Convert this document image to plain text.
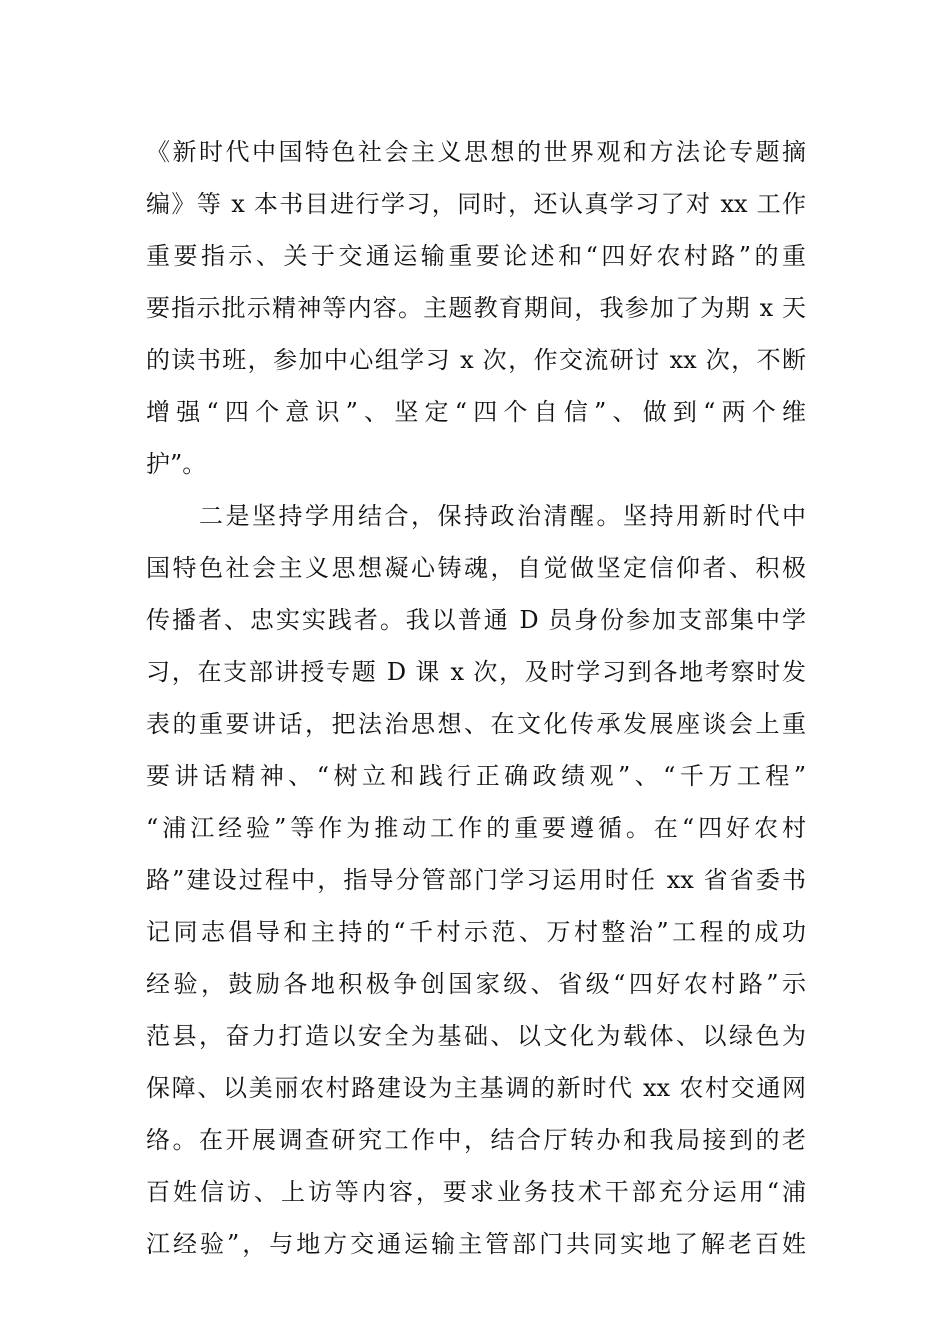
《新时代中国特色社会主义思想的世界观和方法论专题摘
编》等 x 本书目进行学习，同时，还认真学习了对 xx 工作
重要指示、关于交通运输重要论述和“四好农村路”的重
要指示批示精神等内容。主题教育期间，我参加了为期 x 天
的读书班，参加中心组学习 x 次，作交流研讨 xx 次，不断
增强“四个意识”、坚定“四个自信”、做到“两个维
护”。
　　二是坚持学用结合，保持政治清醒。坚持用新时代中
国特色社会主义思想凝心铸魂，自觉做坚定信仰者、积极
传播者、忠实实践者。我以普通 D 员身份参加支部集中学
习，在支部讲授专题 D 课 x 次，及时学习到各地考察时发
表的重要讲话，把法治思想、在文化传承发展座谈会上重
要讲话精神、“树立和践行正确政绩观”、“千万工程”
“浦江经验”等作为推动工作的重要遵循。在“四好农村
路”建设过程中，指导分管部门学习运用时任 xx 省省委书
记同志倡导和主持的“千村示范、万村整治”工程的成功
经验，鼓励各地积极争创国家级、省级“四好农村路”示
范县，奋力打造以安全为基础、以文化为载体、以绿色为
保障、以美丽农村路建设为主基调的新时代 xx 农村交通网
络。在开展调查研究工作中，结合厅转办和我局接到的老
百姓信访、上访等内容，要求业务技术干部充分运用“浦
江经验”，与地方交通运输主管部门共同实地了解老百姓
